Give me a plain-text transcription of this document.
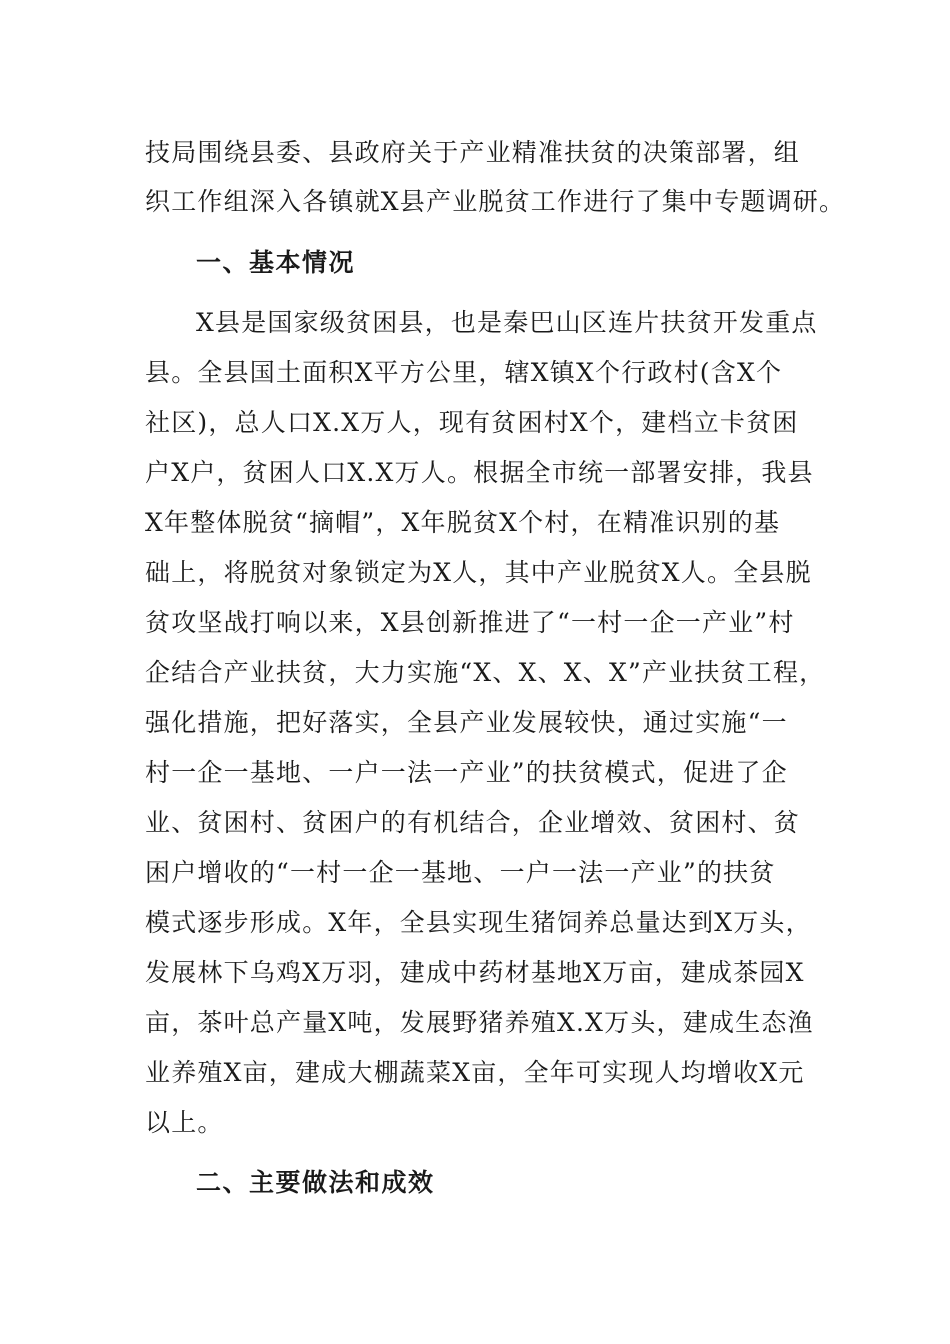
技局围绕县委、县政府关于产业精准扶贫的决策部署，组
织工作组深入各镇就X县产业脱贫工作进行了集中专题调研。
一、基本情况
X县是国家级贫困县，也是秦巴山区连片扶贫开发重点
县。全县国土面积X平方公里，辖X镇X个行政村(含X个
社区)，总人口X.X万人，现有贫困村X个，建档立卡贫困
户X户，贫困人口X.X万人。根据全市统一部署安排，我县
X年整体脱贫“摘帽”，X年脱贫X个村，在精准识别的基
础上，将脱贫对象锁定为X人，其中产业脱贫X人。全县脱
贫攻坚战打响以来，X县创新推进了“一村一企一产业”村
企结合产业扶贫，大力实施“X、X、X、X”产业扶贫工程，
强化措施，把好落实，全县产业发展较快，通过实施“一
村一企一基地、一户一法一产业”的扶贫模式，促进了企
业、贫困村、贫困户的有机结合，企业增效、贫困村、贫
困户增收的“一村一企一基地、一户一法一产业”的扶贫
模式逐步形成。X年，全县实现生猪饲养总量达到X万头，
发展林下乌鸡X万羽，建成中药材基地X万亩，建成茶园X
亩，茶叶总产量X吨，发展野猪养殖X.X万头，建成生态渔
业养殖X亩，建成大棚蔬菜X亩，全年可实现人均增收X元
以上。
二、主要做法和成效
